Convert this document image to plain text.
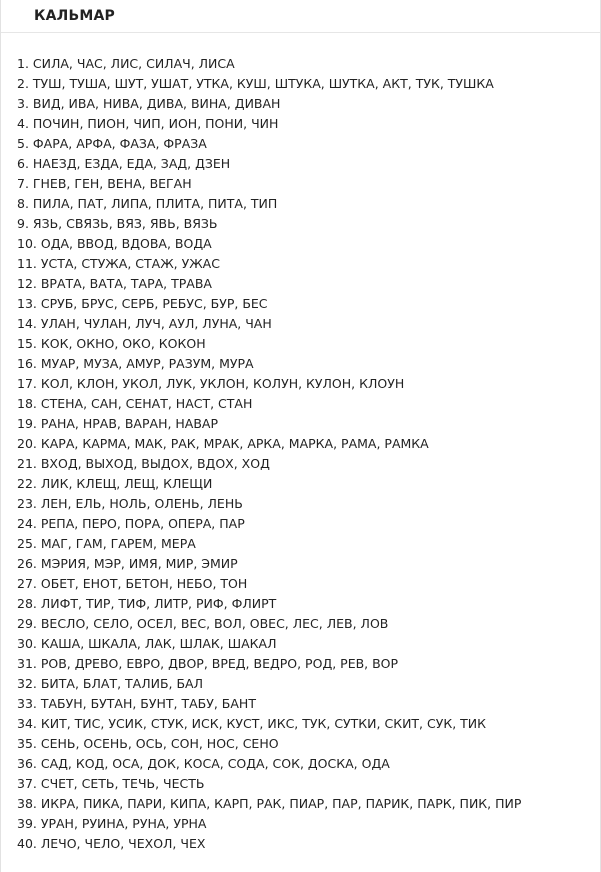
КАЛЬМАР
1. СИЛА, ЧАС, ЛИС, СИЛАЧ, ЛИСА
2. ТУШ, ТУША, ШУТ, УШАТ, УТКА, КУШ, ШТУКА, ШУТКА, АКТ, ТУК, ТУШКА
3. ВИД, ИВА, НИВА, ДИВА, ВИНА, ДИВАН
4. ПОЧИН, ПИОН, ЧИП, ИОН, ПОНИ, ЧИН
5. ФАРА, АРФА, ФАЗА, ФРАЗА
6. НАЕЗД, ЕЗДА, ЕДА, ЗАД, ДЗЕН
7. ГНЕВ, ГЕН, ВЕНА, ВЕГАН
8. ПИЛА, ПАТ, ЛИПА, ПЛИТА, ПИТА, ТИП
9. ЯЗЬ, СВЯЗЬ, ВЯЗ, ЯВЬ, ВЯЗЬ
10. ОДА, ВВОД, ВДОВА, ВОДА
11. УСТА, СТУЖА, СТАЖ, УЖАС
12. ВРАТА, ВАТА, ТАРА, ТРАВА
13. СРУБ, БРУС, СЕРБ, РЕБУС, БУР, БЕС
14. УЛАН, ЧУЛАН, ЛУЧ, АУЛ, ЛУНА, ЧАН
15. КОК, ОКНО, ОКО, КОКОН
16. МУАР, МУЗА, АМУР, РАЗУМ, МУРА
17. КОЛ, КЛОН, УКОЛ, ЛУК, УКЛОН, КОЛУН, КУЛОН, КЛОУН
18. СТЕНА, САН, СЕНАТ, НАСТ, СТАН
19. РАНА, НРАВ, ВАРАН, НАВАР
20. КАРА, КАРМА, МАК, РАК, МРАК, АРКА, МАРКА, РАМА, РАМКА
21. ВХОД, ВЫХОД, ВЫДОХ, ВДОХ, ХОД
22. ЛИК, КЛЕЩ, ЛЕЩ, КЛЕЩИ
23. ЛЕН, ЕЛЬ, НОЛЬ, ОЛЕНЬ, ЛЕНЬ
24. РЕПА, ПЕРО, ПОРА, ОПЕРА, ПАР
25. МАГ, ГАМ, ГАРЕМ, МЕРА
26. МЭРИЯ, МЭР, ИМЯ, МИР, ЭМИР
27. ОБЕТ, ЕНОТ, БЕТОН, НЕБО, ТОН
28. ЛИФТ, ТИР, ТИФ, ЛИТР, РИФ, ФЛИРТ
29. ВЕСЛО, СЕЛО, ОСЕЛ, ВЕС, ВОЛ, ОВЕС, ЛЕС, ЛЕВ, ЛОВ
30. КАША, ШКАЛА, ЛАК, ШЛАК, ШАКАЛ
31. РОВ, ДРЕВО, ЕВРО, ДВОР, ВРЕД, ВЕДРО, РОД, РЕВ, ВОР
32. БИТА, БЛАТ, ТАЛИБ, БАЛ
33. ТАБУН, БУТАН, БУНТ, ТАБУ, БАНТ
34. КИТ, ТИС, УСИК, СТУК, ИСК, КУСТ, ИКС, ТУК, СУТКИ, СКИТ, СУК, ТИК
35. СЕНЬ, ОСЕНЬ, ОСЬ, СОН, НОС, СЕНО
36. САД, КОД, ОСА, ДОК, КОСА, СОДА, СОК, ДОСКА, ОДА
37. СЧЕТ, СЕТЬ, ТЕЧЬ, ЧЕСТЬ
38. ИКРА, ПИКА, ПАРИ, КИПА, КАРП, РАК, ПИАР, ПАР, ПАРИК, ПАРК, ПИК, ПИР
39. УРАН, РУИНА, РУНА, УРНА
40. ЛЕЧО, ЧЕЛО, ЧЕХОЛ, ЧЕХ
